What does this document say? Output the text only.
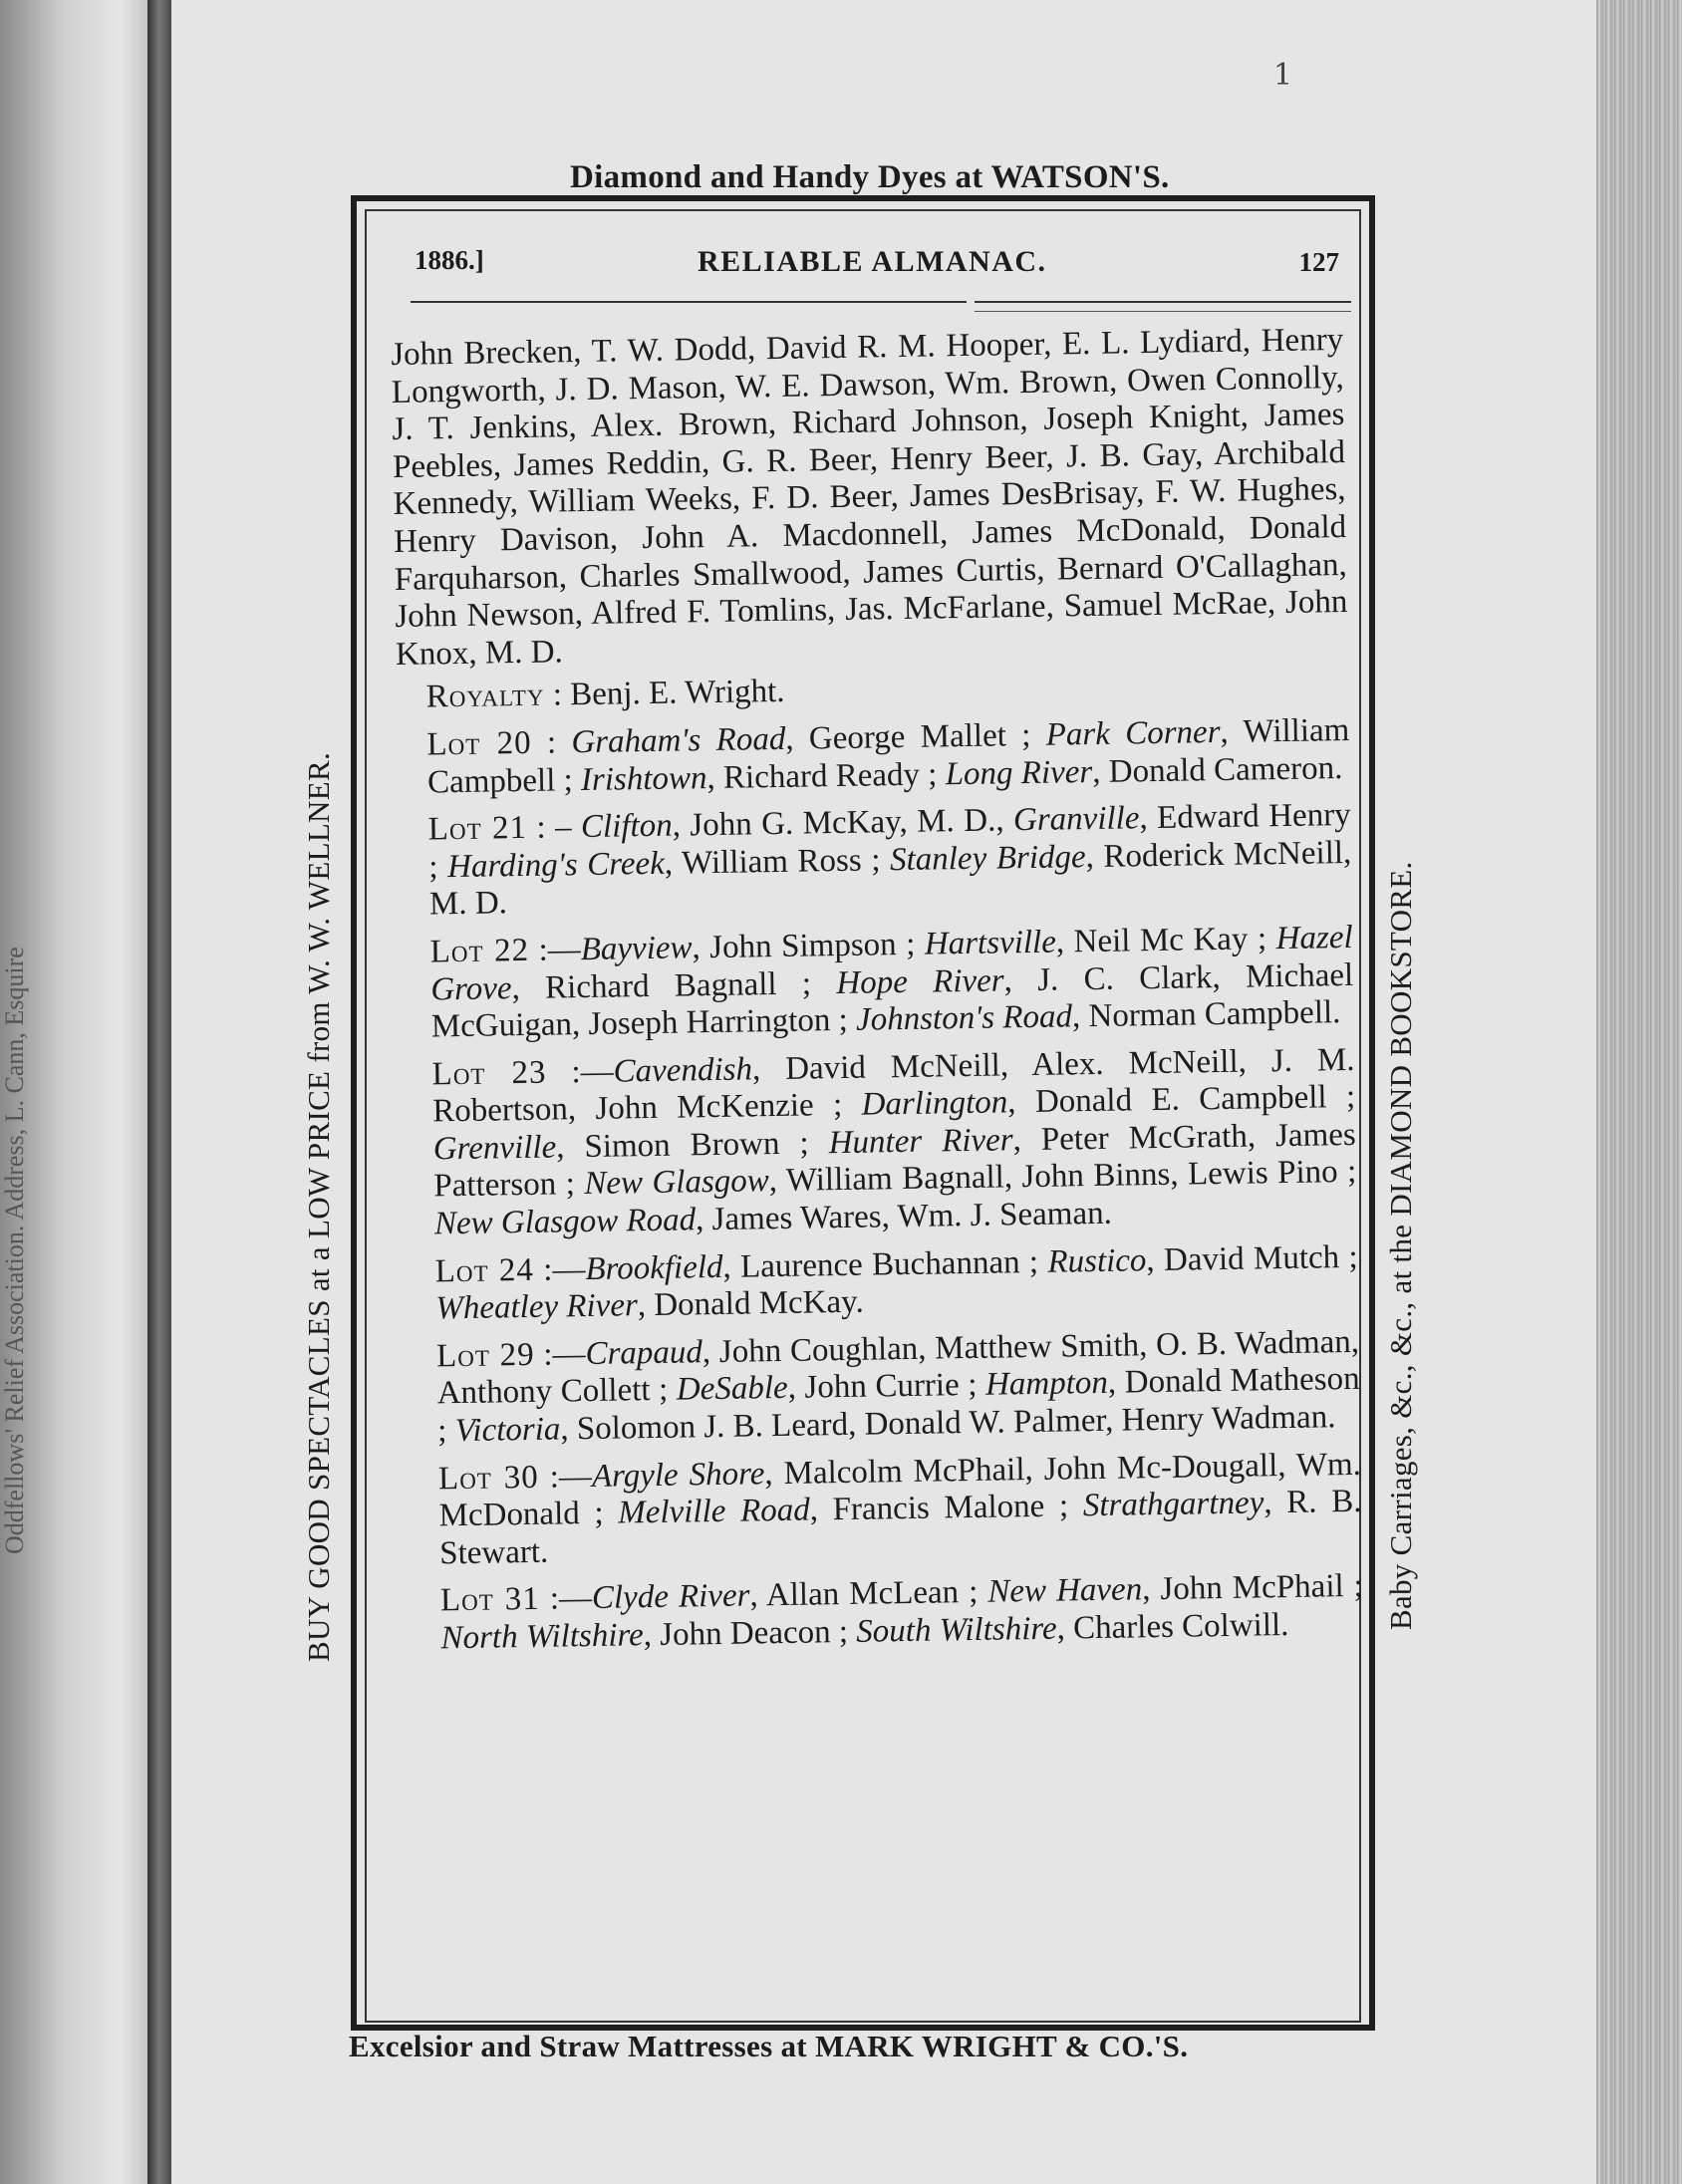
Oddfellows' Relief Association. Address, L. Cann, Esquire
1
Diamond and Handy Dyes at WATSON'S.
1886.]	RELIABLE ALMANAC.	127

John Brecken, T. W. Dodd, David R. M. Hooper, E. L. Lydiard, Henry Longworth, J. D. Mason, W. E. Dawson, Wm. Brown, Owen Connolly, J. T. Jenkins, Alex. Brown, Richard Johnson, Joseph Knight, James Peebles, James Reddin, G. R. Beer, Henry Beer, J. B. Gay, Archibald Kennedy, William Weeks, F. D. Beer, James DesBrisay, F. W. Hughes, Henry Davison, John A. Macdonnell, James McDonald, Donald Farquharson, Charles Smallwood, James Curtis, Bernard O'Callaghan, John Newson, Alfred F. Tomlins, Jas. McFarlane, Samuel McRae, John Knox, M. D.

Royalty : Benj. E. Wright.

Lot 20 : Graham's Road, George Mallet ; Park Corner, William Campbell ; Irishtown, Richard Ready ; Long River, Donald Cameron.

Lot 21 : – Clifton, John G. McKay, M. D., Granville, Edward Henry ; Harding's Creek, William Ross ; Stanley Bridge, Roderick McNeill, M. D.

Lot 22 :—Bayview, John Simpson ; Hartsville, Neil Mc Kay ; Hazel Grove, Richard Bagnall ; Hope River, J. C. Clark, Michael McGuigan, Joseph Harrington ; Johnston's Road, Norman Campbell.

Lot 23 :—Cavendish, David McNeill, Alex. McNeill, J. M. Robertson, John McKenzie ; Darlington, Donald E. Campbell ; Grenville, Simon Brown ; Hunter River, Peter McGrath, James Patterson ; New Glasgow, William Bagnall, John Binns, Lewis Pino ; New Glasgow Road, James Wares, Wm. J. Seaman.

Lot 24 :—Brookfield, Laurence Buchannan ; Rustico, David Mutch ; Wheatley River, Donald McKay.

Lot 29 :—Crapaud, John Coughlan, Matthew Smith, O. B. Wadman, Anthony Collett ; DeSable, John Currie ; Hampton, Donald Matheson ; Victoria, Solomon J. B. Leard, Donald W. Palmer, Henry Wadman.

Lot 30 :—Argyle Shore, Malcolm McPhail, John Mc-Dougall, Wm. McDonald ; Melville Road, Francis Malone ; Strathgartney, R. B. Stewart.

Lot 31 :—Clyde River, Allan McLean ; New Haven, John McPhail ; North Wiltshire, John Deacon ; South Wiltshire, Charles Colwill.

Excelsior and Straw Mattresses at MARK WRIGHT & CO.'S.
